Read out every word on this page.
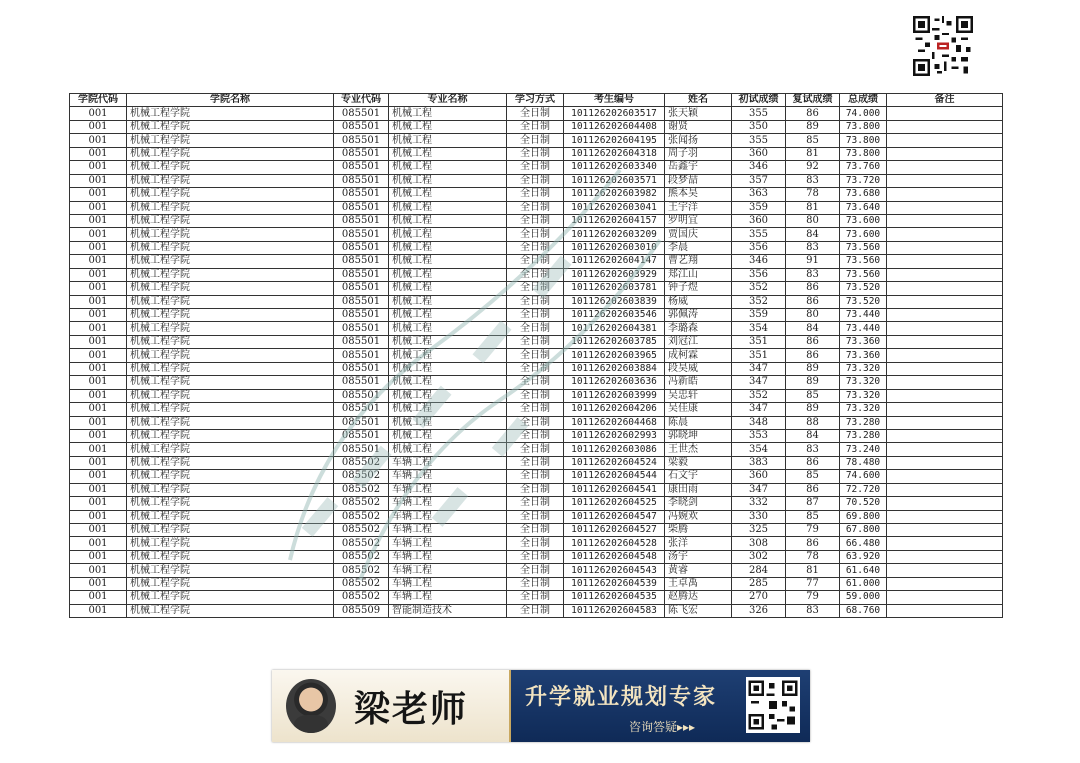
学院代码	学院名称	专业代码	专业名称	学习方式	考生编号	姓名	初试成绩	复试成绩	总成绩	备注
001	机械工程学院	085501	机械工程	全日制	101126202603517	张天颖	355	86	74.000	
001	机械工程学院	085501	机械工程	全日制	101126202604408	谢贤	350	89	73.800	
001	机械工程学院	085501	机械工程	全日制	101126202604195	张闻扬	355	85	73.800	
001	机械工程学院	085501	机械工程	全日制	101126202604318	周子羽	360	81	73.800	
001	机械工程学院	085501	机械工程	全日制	101126202603340	岳鑫宇	346	92	73.760	
001	机械工程学院	085501	机械工程	全日制	101126202603571	段梦喆	357	83	73.720	
001	机械工程学院	085501	机械工程	全日制	101126202603982	熊本昊	363	78	73.680	
001	机械工程学院	085501	机械工程	全日制	101126202603041	王宇洋	359	81	73.640	
001	机械工程学院	085501	机械工程	全日制	101126202604157	罗明宜	360	80	73.600	
001	机械工程学院	085501	机械工程	全日制	101126202603209	贾国庆	355	84	73.600	
001	机械工程学院	085501	机械工程	全日制	101126202603010	李晨	356	83	73.560	
001	机械工程学院	085501	机械工程	全日制	101126202604147	曹艺翔	346	91	73.560	
001	机械工程学院	085501	机械工程	全日制	101126202603929	郑江山	356	83	73.560	
001	机械工程学院	085501	机械工程	全日制	101126202603781	钟子煜	352	86	73.520	
001	机械工程学院	085501	机械工程	全日制	101126202603839	杨威	352	86	73.520	
001	机械工程学院	085501	机械工程	全日制	101126202603546	郭佩涛	359	80	73.440	
001	机械工程学院	085501	机械工程	全日制	101126202604381	李璐森	354	84	73.440	
001	机械工程学院	085501	机械工程	全日制	101126202603785	刘冠江	351	86	73.360	
001	机械工程学院	085501	机械工程	全日制	101126202603965	成柯霖	351	86	73.360	
001	机械工程学院	085501	机械工程	全日制	101126202603884	段昊威	347	89	73.320	
001	机械工程学院	085501	机械工程	全日制	101126202603636	冯新皓	347	89	73.320	
001	机械工程学院	085501	机械工程	全日制	101126202603999	吴忠轩	352	85	73.320	
001	机械工程学院	085501	机械工程	全日制	101126202604206	吴佳康	347	89	73.320	
001	机械工程学院	085501	机械工程	全日制	101126202604468	陈晨	348	88	73.280	
001	机械工程学院	085501	机械工程	全日制	101126202602993	郭晓坤	353	84	73.280	
001	机械工程学院	085501	机械工程	全日制	101126202603086	王世杰	354	83	73.240	
001	机械工程学院	085502	车辆工程	全日制	101126202604524	梁毅	383	86	78.480	
001	机械工程学院	085502	车辆工程	全日制	101126202604544	石文宇	360	85	74.600	
001	机械工程学院	085502	车辆工程	全日制	101126202604541	康田雨	347	86	72.720	
001	机械工程学院	085502	车辆工程	全日制	101126202604525	李晓剑	332	87	70.520	
001	机械工程学院	085502	车辆工程	全日制	101126202604547	冯婉欢	330	85	69.800	
001	机械工程学院	085502	车辆工程	全日制	101126202604527	柴腾	325	79	67.800	
001	机械工程学院	085502	车辆工程	全日制	101126202604528	张洋	308	86	66.480	
001	机械工程学院	085502	车辆工程	全日制	101126202604548	汤宇	302	78	63.920	
001	机械工程学院	085502	车辆工程	全日制	101126202604543	黄睿	284	81	61.640	
001	机械工程学院	085502	车辆工程	全日制	101126202604539	王卓禹	285	77	61.000	
001	机械工程学院	085502	车辆工程	全日制	101126202604535	赵腾达	270	79	59.000	
001	机械工程学院	085509	智能制造技术	全日制	101126202604583	陈飞宏	326	83	68.760	
梁老师	升学就业规划专家
咨询答疑▸▸▸
